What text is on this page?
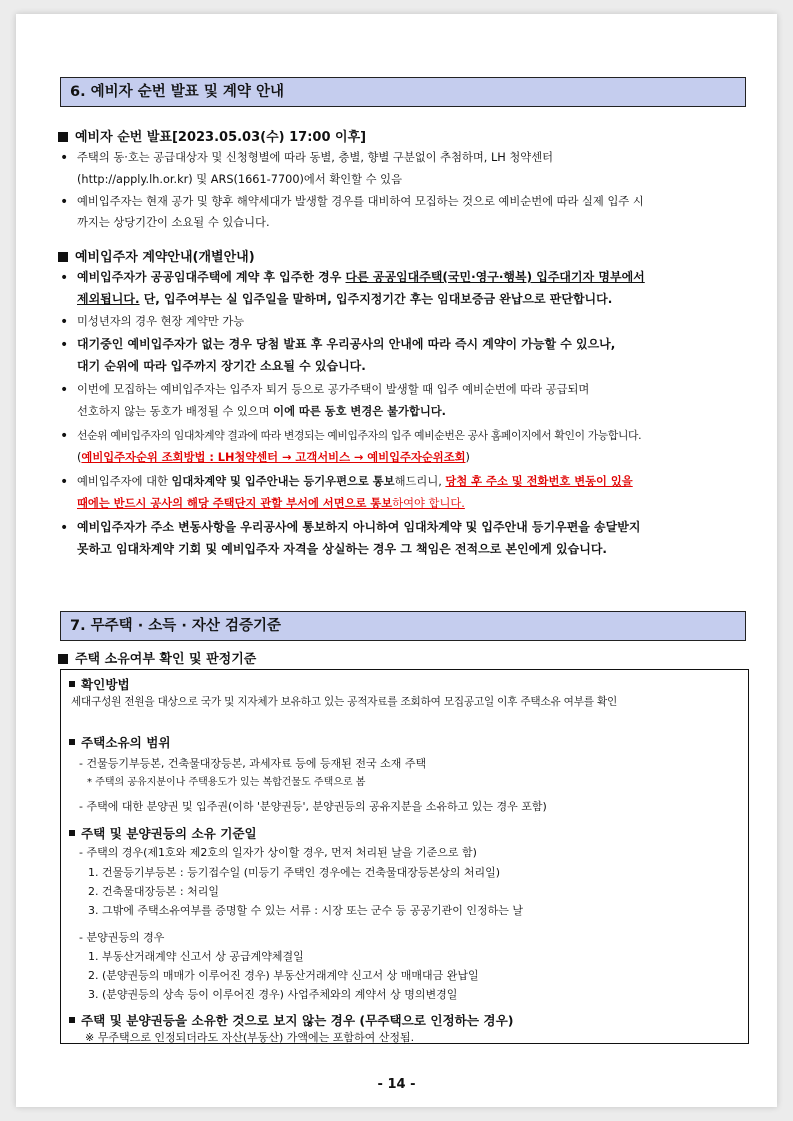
6. 예비자 순번 발표 및 계약 안내
예비자 순번 발표[2023.05.03(수) 17:00 이후]
• 주택의 동·호는 공급대상자 및 신청형별에 따라 동별, 층별, 향별 구분없이 추첨하며, LH 청약센터
(http://apply.lh.or.kr) 및 ARS(1661-7700)에서 확인할 수 있음
• 예비입주자는 현재 공가 및 향후 해약세대가 발생할 경우를 대비하여 모집하는 것으로 예비순번에 따라 실제 입주 시
까지는 상당기간이 소요될 수 있습니다.
예비입주자 계약안내(개별안내)
• 예비입주자가 공공임대주택에 계약 후 입주한 경우 다른 공공임대주택(국민·영구·행복) 입주대기자 명부에서
제외됩니다. 단, 입주여부는 실 입주일을 말하며, 입주지정기간 후는 임대보증금 완납으로 판단합니다.
• 미성년자의 경우 현장 계약만 가능
• 대기중인 예비입주자가 없는 경우 당첨 발표 후 우리공사의 안내에 따라 즉시 계약이 가능할 수 있으나,
대기 순위에 따라 입주까지 장기간 소요될 수 있습니다.
• 이번에 모집하는 예비입주자는 입주자 퇴거 등으로 공가주택이 발생할 때 입주 예비순번에 따라 공급되며
선호하지 않는 동호가 배정될 수 있으며 이에 따른 동호 변경은 불가합니다.
• 선순위 예비입주자의 임대차계약 결과에 따라 변경되는 예비입주자의 입주 예비순번은 공사 홈페이지에서 확인이 가능합니다.
(예비입주자순위 조회방법 : LH청약센터 → 고객서비스 → 예비입주자순위조회)
• 예비입주자에 대한 임대차계약 및 입주안내는 등기우편으로 통보해드리니, 당첨 후 주소 및 전화번호 변동이 있을
때에는 반드시 공사의 해당 주택단지 관할 부서에 서면으로 통보하여야 합니다.
• 예비입주자가 주소 변동사항을 우리공사에 통보하지 아니하여 임대차계약 및 입주안내 등기우편을 송달받지
못하고 임대차계약 기회 및 예비입주자 자격을 상실하는 경우 그 책임은 전적으로 본인에게 있습니다.
7. 무주택 · 소득 · 자산 검증기준
주택 소유여부 확인 및 판정기준
확인방법
세대구성원 전원을 대상으로 국가 및 지자체가 보유하고 있는 공적자료를 조회하여 모집공고일 이후 주택소유 여부를 확인
주택소유의 범위
- 건물등기부등본, 건축물대장등본, 과세자료 등에 등재된 전국 소재 주택
* 주택의 공유지분이나 주택용도가 있는 복합건물도 주택으로 봄
- 주택에 대한 분양권 및 입주권(이하 '분양권등', 분양권등의 공유지분을 소유하고 있는 경우 포함)
주택 및 분양권등의 소유 기준일
- 주택의 경우(제1호와 제2호의 일자가 상이할 경우, 먼저 처리된 날을 기준으로 함)
1. 건물등기부등본 : 등기접수일 (미등기 주택인 경우에는 건축물대장등본상의 처리일)
2. 건축물대장등본 : 처리일
3. 그밖에 주택소유여부를 증명할 수 있는 서류 : 시장 또는 군수 등 공공기관이 인정하는 날
- 분양권등의 경우
1. 부동산거래계약 신고서 상 공급계약체결일
2. (분양권등의 매매가 이루어진 경우) 부동산거래계약 신고서 상 매매대금 완납일
3. (분양권등의 상속 등이 이루어진 경우) 사업주체와의 계약서 상 명의변경일
주택 및 분양권등을 소유한 것으로 보지 않는 경우 (무주택으로 인정하는 경우)
※ 무주택으로 인정되더라도 자산(부동산) 가액에는 포함하여 산정됨.
- 14 -
